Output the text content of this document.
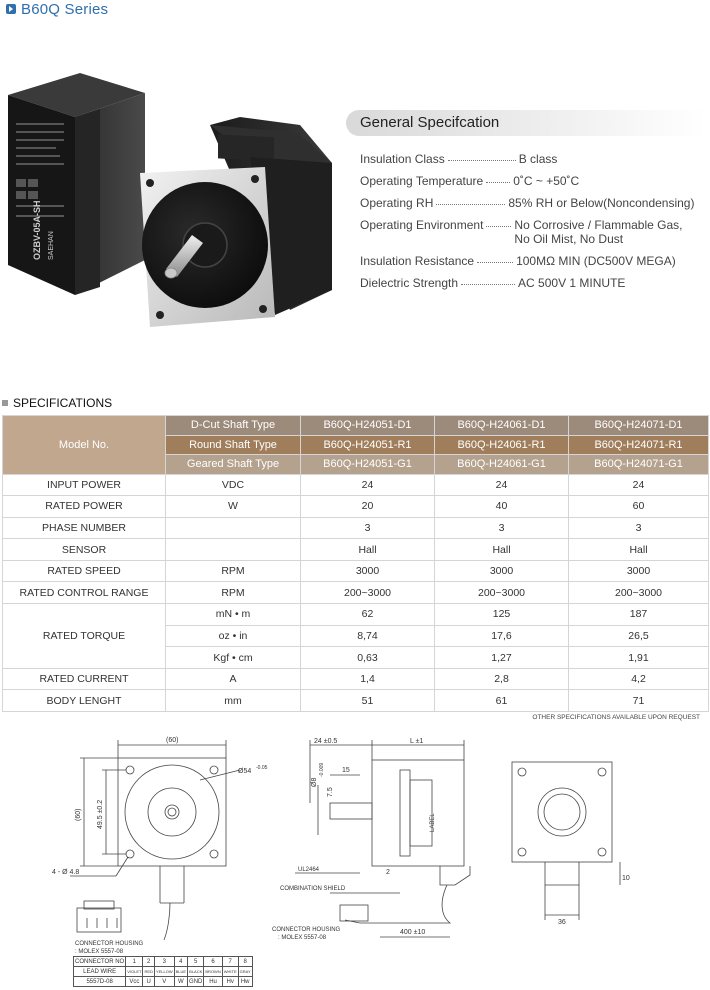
B60Q Series
OZBV-05A-SH SAEHAN
General Specifcation
Insulation Class	B class
Operating Temperature	0˚C ~ +50˚C
Operating RH	85% RH or Below(Noncondensing)
Operating Environment	No Corrosive / Flammable Gas, No Oil Mist, No Dust
Insulation Resistance	100MΩ MIN (DC500V MEGA)
Dielectric Strength	AC 500V 1 MINUTE
SPECIFICATIONS
Model No.	D-Cut Shaft Type	B60Q-H24051-D1	B60Q-H24061-D1	B60Q-H24071-D1
	Round Shaft Type	B60Q-H24051-R1	B60Q-H24061-R1	B60Q-H24071-R1
	Geared Shaft Type	B60Q-H24051-G1	B60Q-H24061-G1	B60Q-H24071-G1
INPUT POWER	VDC	24	24	24
RATED POWER	W	20	40	60
PHASE NUMBER		3	3	3
SENSOR		Hall	Hall	Hall
RATED SPEED	RPM	3000	3000	3000
RATED CONTROL RANGE	RPM	200~3000	200~3000	200~3000
RATED TORQUE	mN • m	62	125	187
	oz • in	8,74	17,6	26,5
	Kgf • cm	0,63	1,27	1,91
RATED CURRENT	A	1,4	2,8	4,2
BODY LENGHT	mm	51	61	71
OTHER SPECIFICATIONS AVAILABLE UPON REQUEST
(60)
(60) 49.5 ±0.2
Ø54 -0.05
4 - Ø 4.8
CONNECTOR HOUSING
: MOLEX 5557-08
24 ±0.5	L ±1
15
Ø8
-0.009
7.5
2
LABEL
UL2464
COMBINATION SHIELD
CONNECTOR HOUSING
: MOLEX 5557-08
400 ±10
10
36
CONNECTOR NO	1	2	3	4	5	6	7	8
LEAD WIRE	VIOLET	RED	YELLOW	BLUE	BLACK	BROWN	WHITE	GRAY
5557D-08	Vcc	U	V	W	GND	Hu	Hv	Hw
